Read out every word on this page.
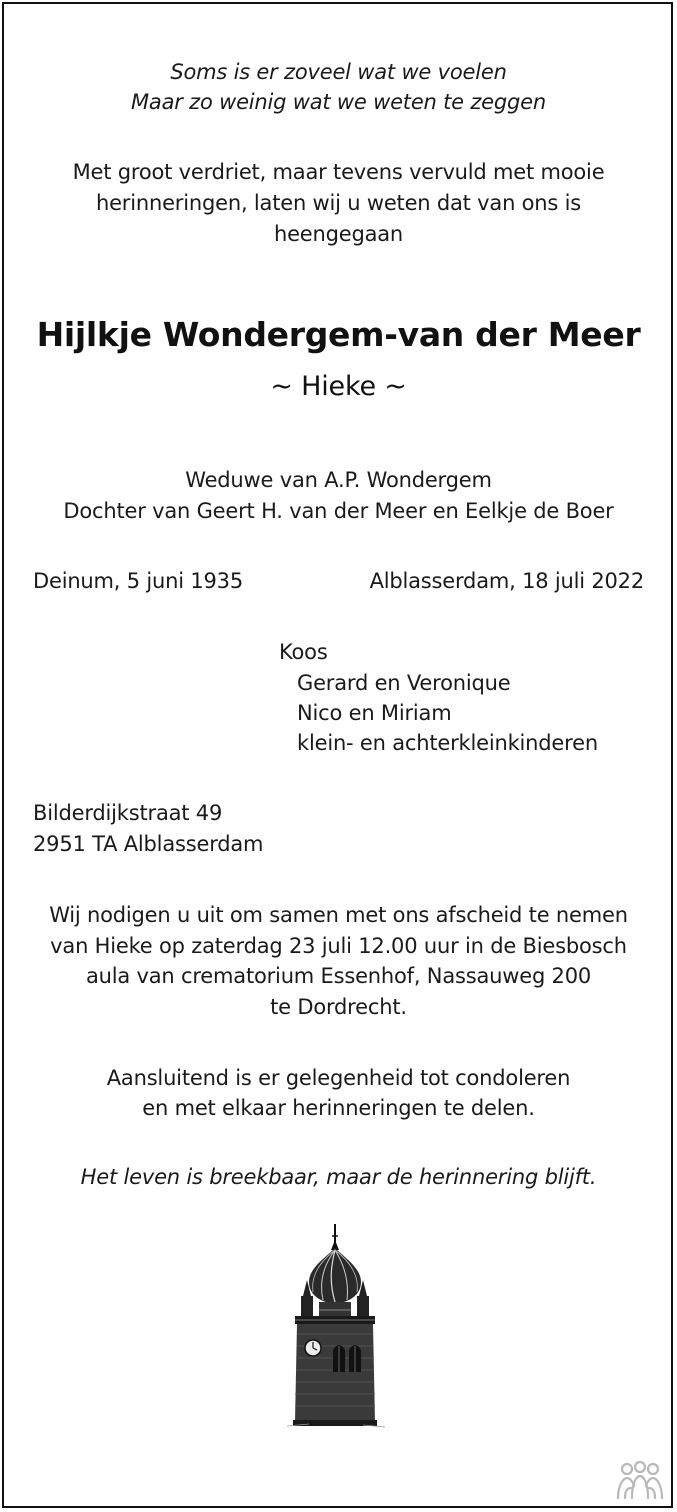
Soms is er zoveel wat we voelen
Maar zo weinig wat we weten te zeggen
Met groot verdriet, maar tevens vervuld met mooie
herinneringen, laten wij u weten dat van ons is
heengegaan
Hijlkje Wondergem-van der Meer
~ Hieke ~
Weduwe van A.P. Wondergem
Dochter van Geert H. van der Meer en Eelkje de Boer
Deinum, 5 juni 1935	Alblasserdam, 18 juli 2022
Koos
Gerard en Veronique
Nico en Miriam
klein- en achterkleinkinderen
Bilderdijkstraat 49
2951 TA Alblasserdam
Wij nodigen u uit om samen met ons afscheid te nemen
van Hieke op zaterdag 23 juli 12.00 uur in de Biesbosch
aula van crematorium Essenhof, Nassauweg 200
te Dordrecht.
Aansluitend is er gelegenheid tot condoleren
en met elkaar herinneringen te delen.
Het leven is breekbaar, maar de herinnering blijft.
